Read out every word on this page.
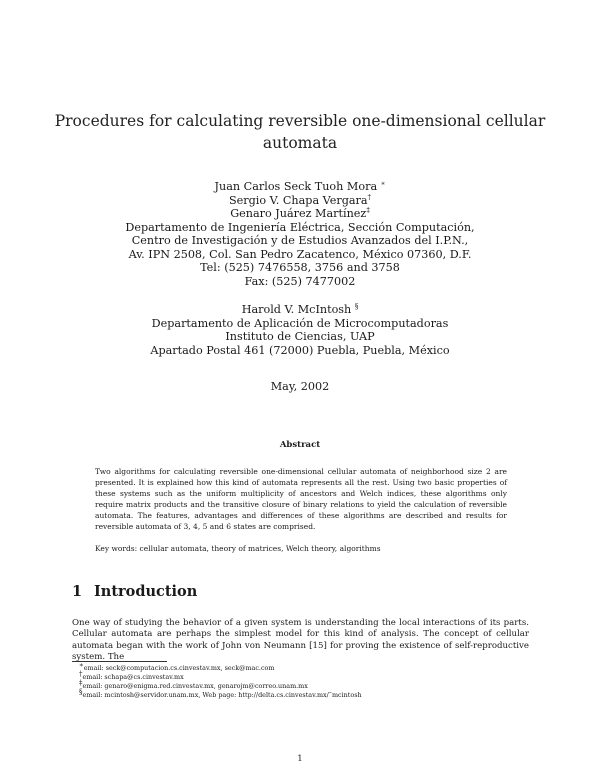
Procedures for calculating reversible one-dimensional cellular
automata
Juan Carlos Seck Tuoh Mora ∗
Sergio V. Chapa Vergara†
Genaro Juárez Martínez‡
Departamento de Ingeniería Eléctrica, Sección Computación,
Centro de Investigación y de Estudios Avanzados del I.P.N.,
Av. IPN 2508, Col. San Pedro Zacatenco, México 07360, D.F.
Tel: (525) 7476558, 3756 and 3758
Fax: (525) 7477002
Harold V. McIntosh §
Departamento de Aplicación de Microcomputadoras
Instituto de Ciencias, UAP
Apartado Postal 461 (72000) Puebla, Puebla, México
May, 2002
Abstract
Two algorithms for calculating reversible one-dimensional cellular automata of neighborhood size 2 are presented. It is explained how this kind of automata represents all the rest. Using two basic properties of these systems such as the uniform multiplicity of ancestors and Welch indices, these algorithms only require matrix products and the transitive closure of binary relations to yield the calculation of reversible automata. The features, advantages and differences of these algorithms are described and results for reversible automata of 3, 4, 5 and 6 states are comprised.
Key words: cellular automata, theory of matrices, Welch theory, algorithms
1 Introduction
One way of studying the behavior of a given system is understanding the local interactions of its parts. Cellular automata are perhaps the simplest model for this kind of analysis. The concept of cellular automata began with the work of John von Neumann [15] for proving the existence of self-reproductive system. The
∗email: seck@computacion.cs.cinvestav.mx, seck@mac.com
†email: schapa@cs.cinvestav.mx
‡email: genaro@enigma.red.cinvestav.mx, genarojm@correo.unam.mx
§email: mcintosh@servidor.unam.mx, Web page: http://delta.cs.cinvestav.mx/˜mcintosh
1
